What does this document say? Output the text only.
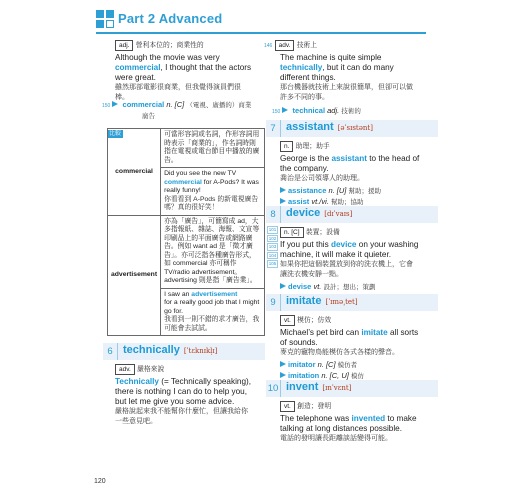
Part 2 Advanced
adj. 營利本位的；商業性的
Although the movie was very
commercial, I thought that the actors
were great.
雖然那部電影很商業，但我覺得演員們很
棒。
150 commercial n. [C] （電視、廣播的）商業
廣告
比較
commercial	可當形容詞或名詞，作形容詞用時表示「商業的」，作名詞時則指在電視或電台節目中播放的廣告。
	Did you see the new TV
commercial for A-Pods? It was really funny!
你看看到 A-Pods 的新電視廣告嗎？真的很好笑！
advertisement	亦為「廣告」，可簡寫成 ad，大多指報紙、雜誌、海報、文宣等印刷品上的平面廣告或網路廣告。例如 want ad 是「徵才廣告」。亦可泛指各種廣告形式，如 commercial 亦可稱作 TV/radio advertisement。advertising 則是指「廣告業」。
	I saw an advertisement
for a really good job that I might go for.
我看到一則不錯的求才廣告，我可能會去試試。
6 technically [ˈtɛknɪkl̩ɪ]
adv. 嚴格來說
Technically (= Technically speaking),
there is nothing I can do to help you,
but let me give you some advice.
嚴格說起來我不能幫你什麼忙，但讓我給你
一些意見吧。
120
146 adv. 技術上
The machine is quite simple
technically, but it can do many
different things.
那台機器就技術上來說很簡單，但卻可以做
許多不同的事。
150 technical adj. 技術的
7 assistant [əˈsɪstənt]
n. 助理；助手
George is the assistant to the head of
the company.
喬治是公司領導人的助理。
assistance n. [U] 幫助；援助
assist vt./vi. 幫助；協助
8 device [dɪˈvaɪs]
101
102
103
104
105
n. [C] 裝置；設備
If you put this device on your washing
machine, it will make it quieter.
如果你把這個裝置放到你的洗衣機上，它會
讓洗衣機安靜一點。
devise vt. 設計；想出；策劃
9 imitate [ˈɪmə͵tet]
vt. 模仿；仿效
Michael’s pet bird can imitate all sorts
of sounds.
麥克的寵物鳥能模仿各式各樣的聲音。
imitator n. [C] 模仿者
imitation n. [C, U] 模仿
10 invent [ɪnˈvɛnt]
vt. 創造；發明
The telephone was invented to make
talking at long distances possible.
電話的發明讓長距離談話變得可能。
